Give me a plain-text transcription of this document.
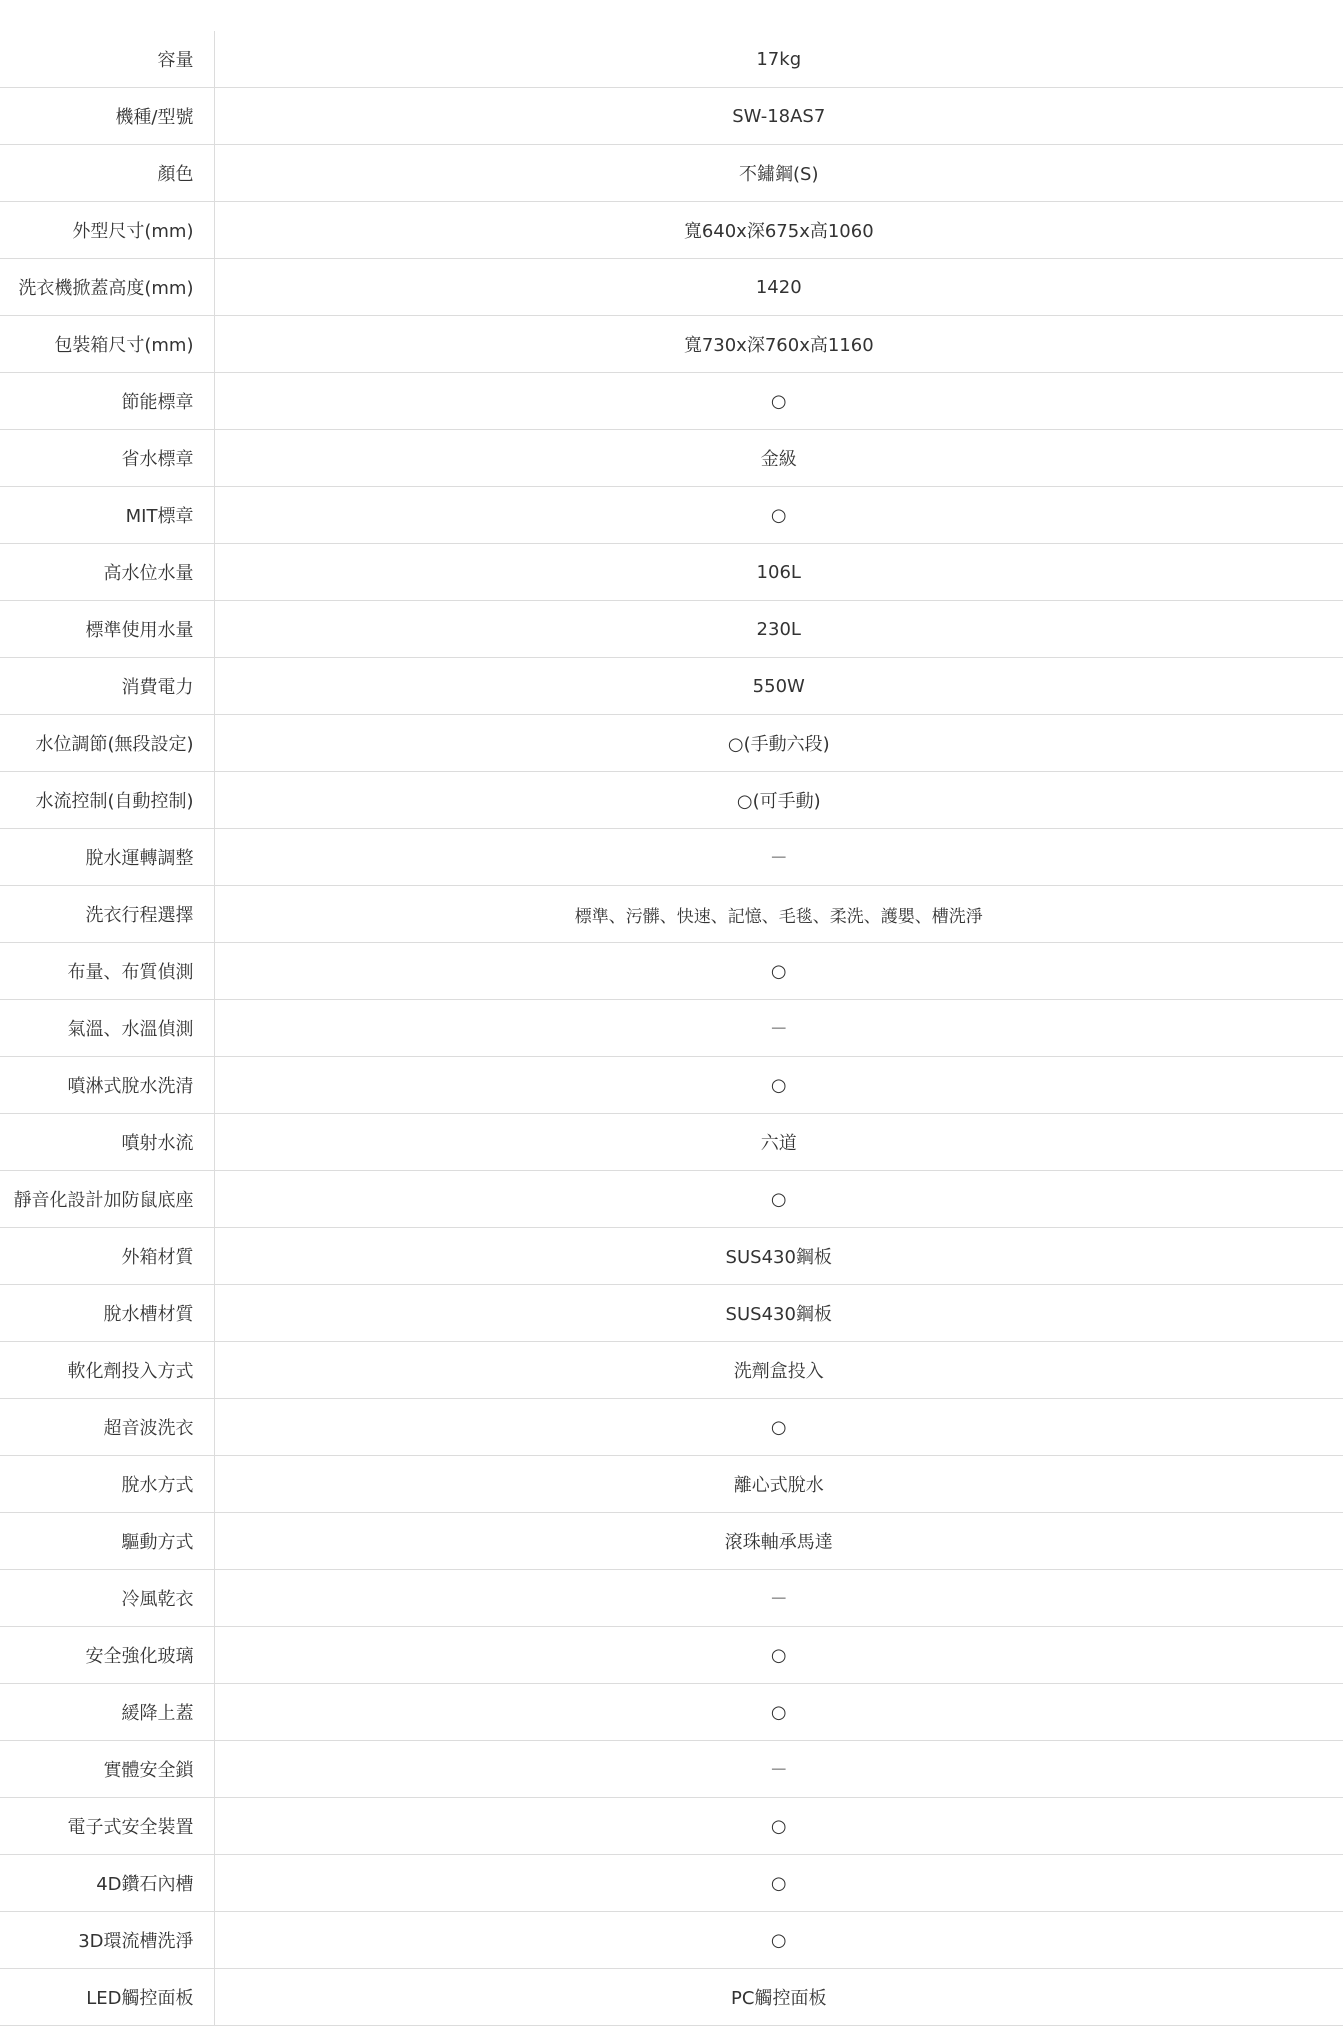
容量	17kg
機種/型號	SW-18AS7
顏色	不鏽鋼(S)
外型尺寸(mm)	寬640x深675x高1060
洗衣機掀蓋高度(mm)	1420
包裝箱尺寸(mm)	寬730x深760x高1160
節能標章	○
省水標章	金級
MIT標章	○
高水位水量	106L
標準使用水量	230L
消費電力	550W
水位調節(無段設定)	○(手動六段)
水流控制(自動控制)	○(可手動)
脫水運轉調整	－
洗衣行程選擇	標準、污髒、快速、記憶、毛毯、柔洗、護嬰、槽洗淨
布量、布質偵測	○
氣溫、水溫偵測	－
噴淋式脫水洗清	○
噴射水流	六道
靜音化設計加防鼠底座	○
外箱材質	SUS430鋼板
脫水槽材質	SUS430鋼板
軟化劑投入方式	洗劑盒投入
超音波洗衣	○
脫水方式	離心式脫水
驅動方式	滾珠軸承馬達
冷風乾衣	－
安全強化玻璃	○
緩降上蓋	○
實體安全鎖	－
電子式安全裝置	○
4D鑽石內槽	○
3D環流槽洗淨	○
LED觸控面板	PC觸控面板
